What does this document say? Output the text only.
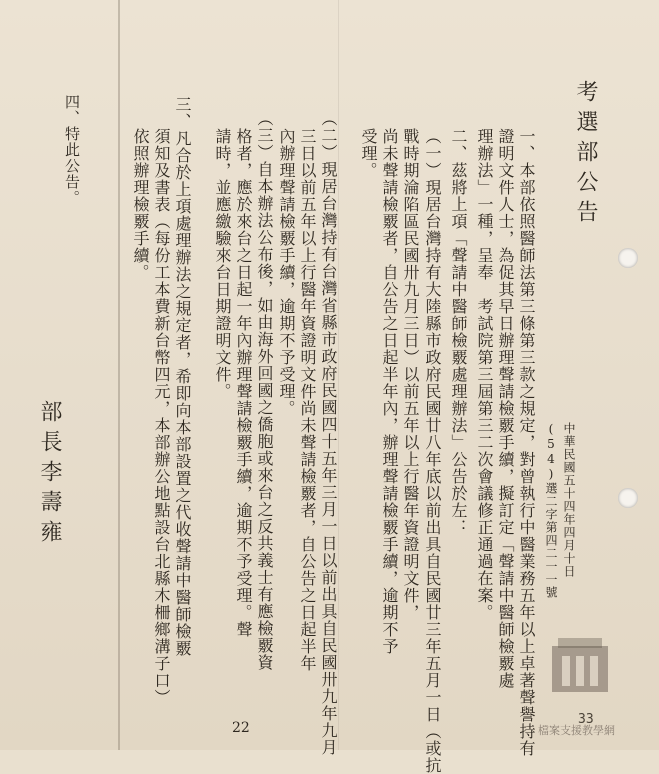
考選部公告
中華民國五十四年四月十日
(54)選二字第四二一一號
一、本部依照醫師法第三條第三款之規定，對曾執行中醫業務五年以上卓著聲譽持有
證明文件人士，為促其早日辦理聲請檢覈手續，擬訂定「聲請中醫師檢覈處
理辦法」一種，呈奉　考試院第三屆第三二次會議修正通過在案。
二、茲將上項「聲請中醫師檢覈處理辦法」公告於左：
（一）現居台灣持有大陸縣市政府民國廿八年底以前出具自民國廿三年五月一日（或抗
戰時期淪陷區民國卅九月三日）以前五年以上行醫年資證明文件，
尚未聲請檢覈者，自公告之日起半年內，辦理聲請檢覈手續，逾期不予
受理。
（二）現居台灣持有台灣省縣市政府民國四十五年三月一日以前出具自民國卅九年九月
三日以前五年以上行醫年資證明文件尚未聲請檢覈者，自公告之日起半年
內辦理聲請檢覈手續，逾期不予受理。
（三）自本辦法公布後，如由海外回國之僑胞或來台之反共義士有應檢覈資
格者，應於來台之日起一年內辦理聲請檢覈手續，逾期不予受理。聲
請時，並應繳驗來台日期證明文件。
三、凡合於上項處理辦法之規定者，希即向本部設置之代收聲請中醫師檢覈
須知及書表（每份工本費新台幣四元，本部辦公地點設台北縣木柵鄉溝子口）
依照辦理檢覈手續。
四、特此公告。
部長李壽雍
22
33
檔案支援教學網
